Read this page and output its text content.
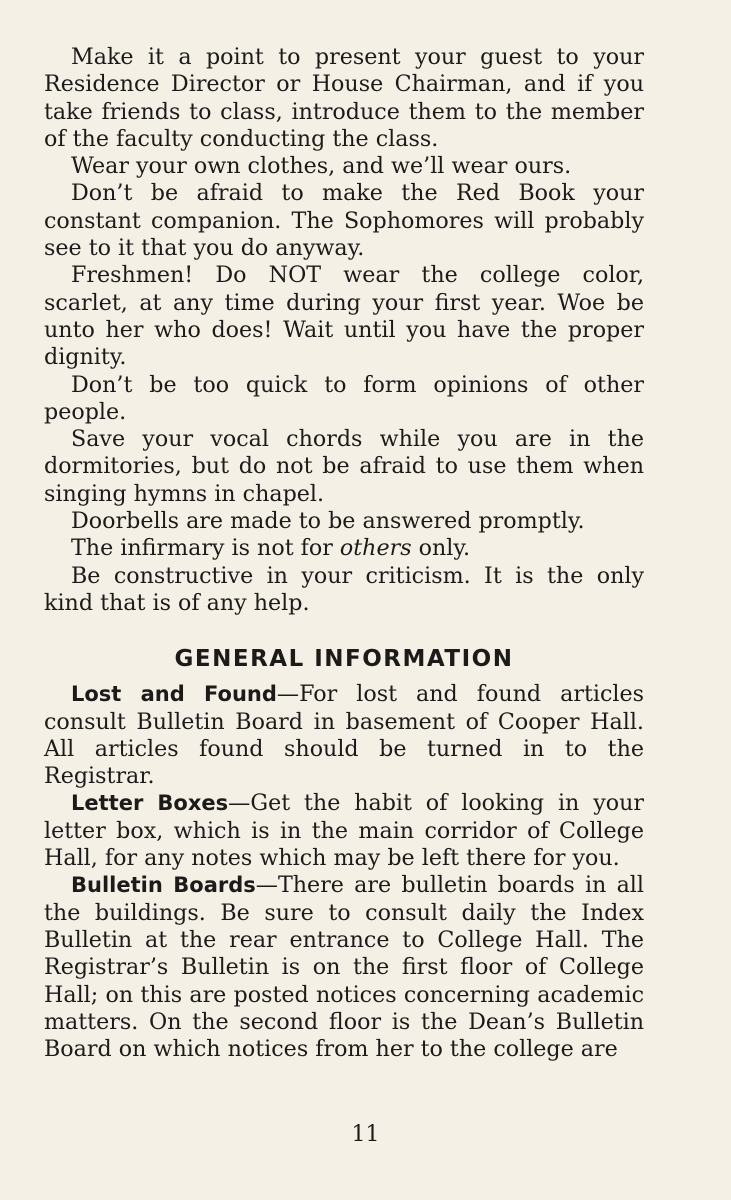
Make it a point to present your guest to your Residence Director or House Chairman, and if you take friends to class, introduce them to the member of the faculty conducting the class.

Wear your own clothes, and we’ll wear ours.

Don’t be afraid to make the Red Book your constant companion. The Sophomores will probably see to it that you do anyway.

Freshmen! Do NOT wear the college color, scarlet, at any time during your first year. Woe be unto her who does! Wait until you have the proper dignity.

Don’t be too quick to form opinions of other people.

Save your vocal chords while you are in the dormitories, but do not be afraid to use them when singing hymns in chapel.

Doorbells are made to be answered promptly.

The infirmary is not for others only.

Be constructive in your criticism. It is the only kind that is of any help.

GENERAL INFORMATION

Lost and Found—For lost and found articles consult Bulletin Board in basement of Cooper Hall. All articles found should be turned in to the Registrar.

Letter Boxes—Get the habit of looking in your letter box, which is in the main corridor of College Hall, for any notes which may be left there for you.

Bulletin Boards—There are bulletin boards in all the buildings. Be sure to consult daily the Index Bulletin at the rear entrance to College Hall. The Registrar’s Bulletin is on the first floor of College Hall; on this are posted notices concerning academic matters. On the second floor is the Dean’s Bulletin Board on which notices from her to the college are

11
